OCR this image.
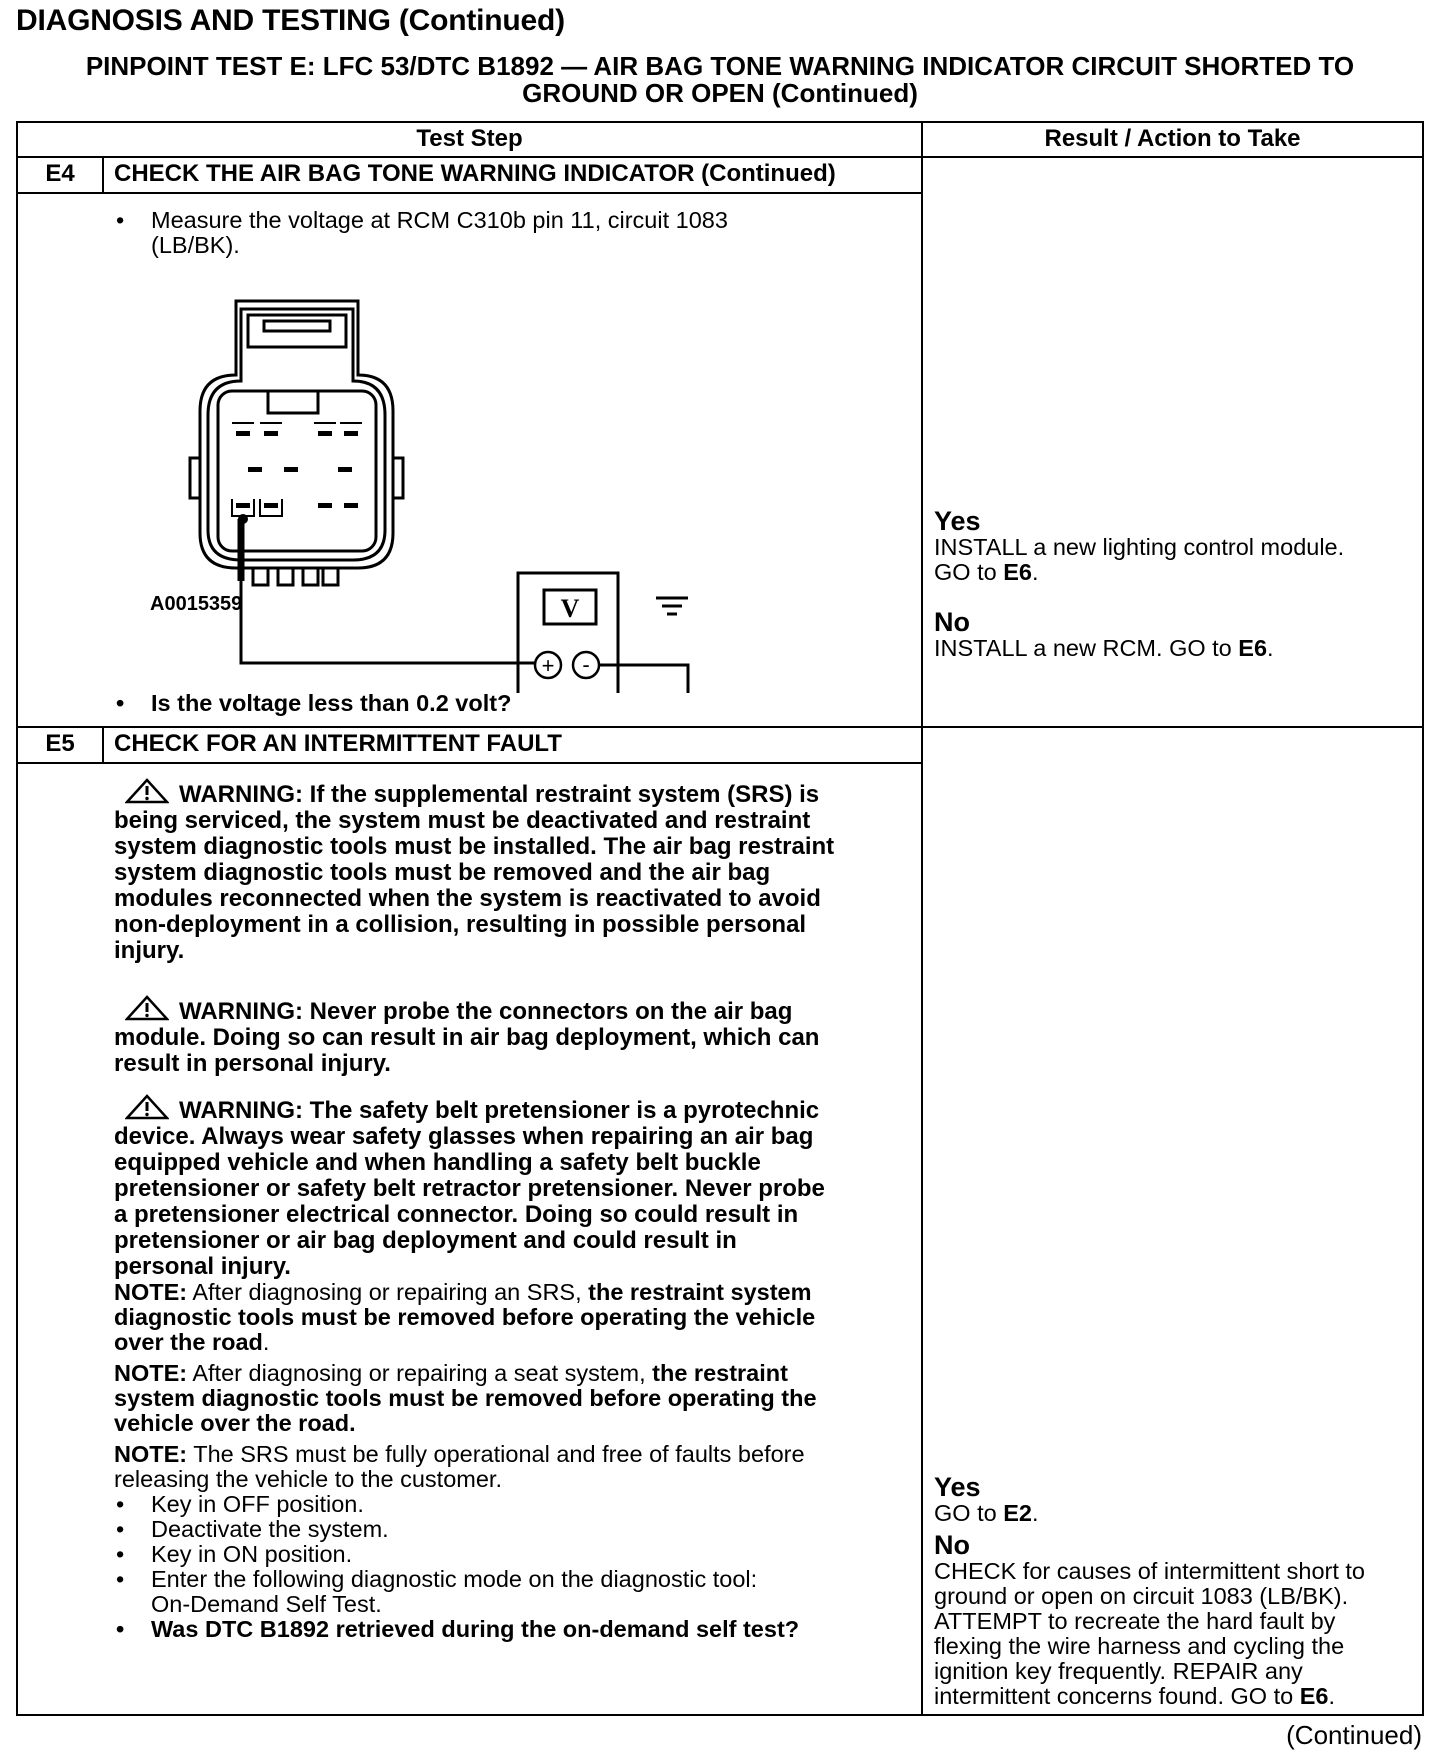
DIAGNOSIS AND TESTING (Continued)
PINPOINT TEST E: LFC 53/DTC B1892 — AIR BAG TONE WARNING INDICATOR CIRCUIT SHORTED TO
GROUND OR OPEN (Continued)
Test Step	Result / Action to Take
E4	CHECK THE AIR BAG TONE WARNING INDICATOR (Continued)
• Measure the voltage at RCM C310b pin 11, circuit 1083
(LB/BK).
V
+ -
A0015359
• Is the voltage less than 0.2 volt?
Yes
INSTALL a new lighting control module.
GO to E6.
No
INSTALL a new RCM. GO to E6.
E5	CHECK FOR AN INTERMITTENT FAULT
WARNING: If the supplemental restraint system (SRS) is
being serviced, the system must be deactivated and restraint
system diagnostic tools must be installed. The air bag restraint
system diagnostic tools must be removed and the air bag
modules reconnected when the system is reactivated to avoid
non-deployment in a collision, resulting in possible personal
injury.
WARNING: Never probe the connectors on the air bag
module. Doing so can result in air bag deployment, which can
result in personal injury.
WARNING: The safety belt pretensioner is a pyrotechnic
device. Always wear safety glasses when repairing an air bag
equipped vehicle and when handling a safety belt buckle
pretensioner or safety belt retractor pretensioner. Never probe
a pretensioner electrical connector. Doing so could result in
pretensioner or air bag deployment and could result in
personal injury.
NOTE: After diagnosing or repairing an SRS, the restraint system
diagnostic tools must be removed before operating the vehicle
over the road.
NOTE: After diagnosing or repairing a seat system, the restraint
system diagnostic tools must be removed before operating the
vehicle over the road.
NOTE: The SRS must be fully operational and free of faults before
releasing the vehicle to the customer.
• Key in OFF position.
• Deactivate the system.
• Key in ON position.
• Enter the following diagnostic mode on the diagnostic tool:
On-Demand Self Test.
• Was DTC B1892 retrieved during the on-demand self test?
Yes
GO to E2.
No
CHECK for causes of intermittent short to
ground or open on circuit 1083 (LB/BK).
ATTEMPT to recreate the hard fault by
flexing the wire harness and cycling the
ignition key frequently. REPAIR any
intermittent concerns found. GO to E6.
(Continued)
